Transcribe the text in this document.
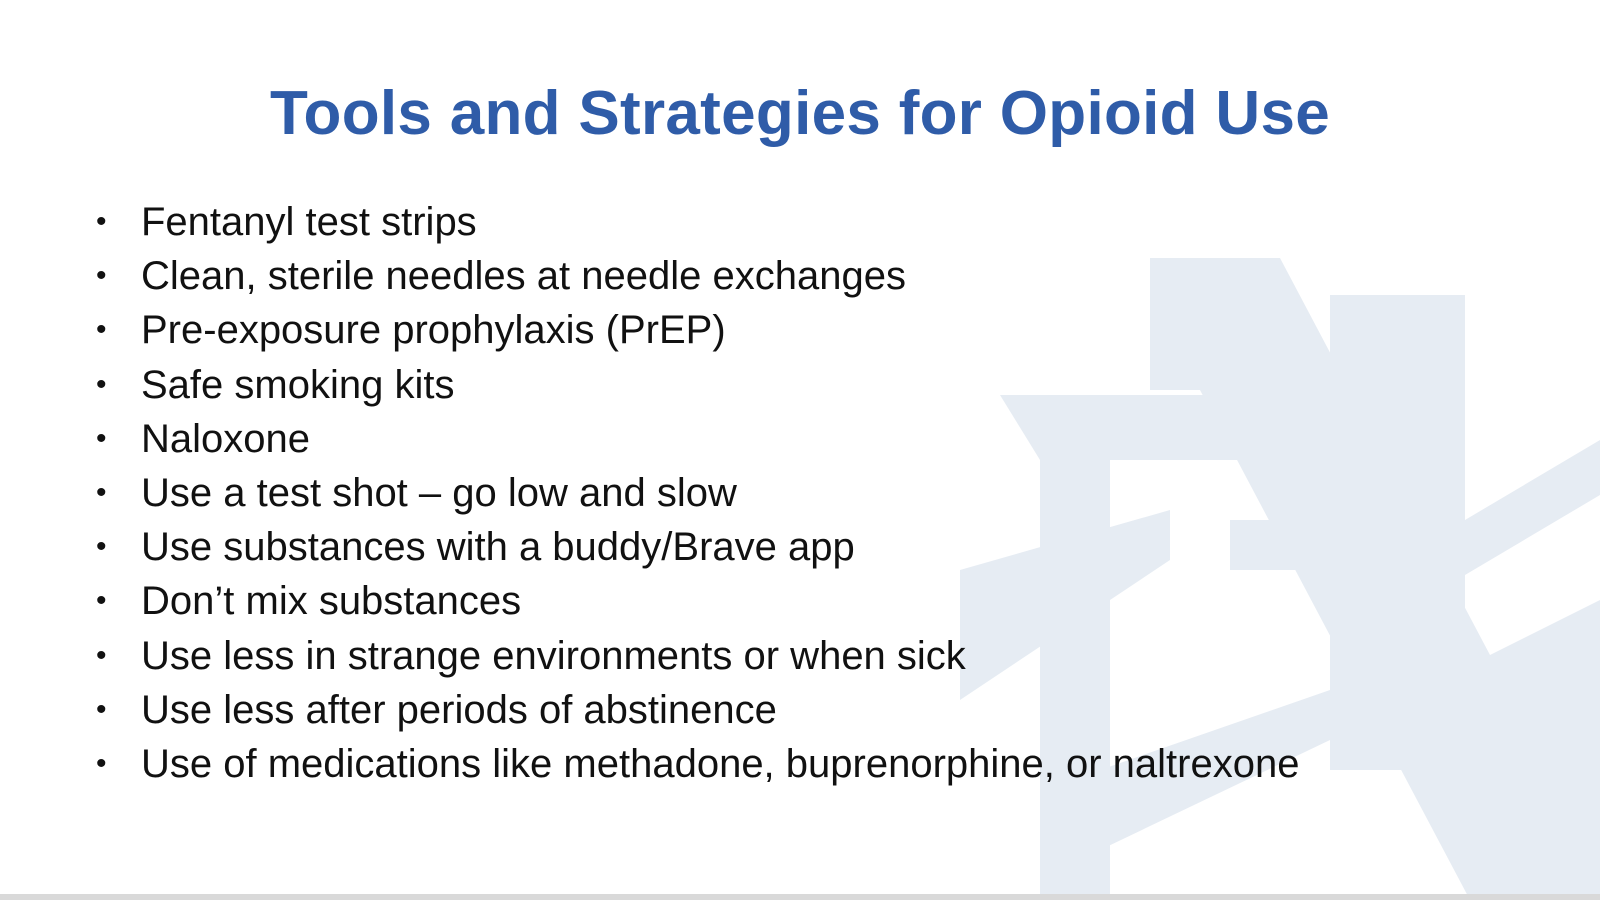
Tools and Strategies for Opioid Use
• Fentanyl test strips
• Clean, sterile needles at needle exchanges
• Pre-exposure prophylaxis (PrEP)
• Safe smoking kits
• Naloxone
• Use a test shot – go low and slow
• Use substances with a buddy/Brave app
• Don’t mix substances
• Use less in strange environments or when sick
• Use less after periods of abstinence
• Use of medications like methadone, buprenorphine, or naltrexone
